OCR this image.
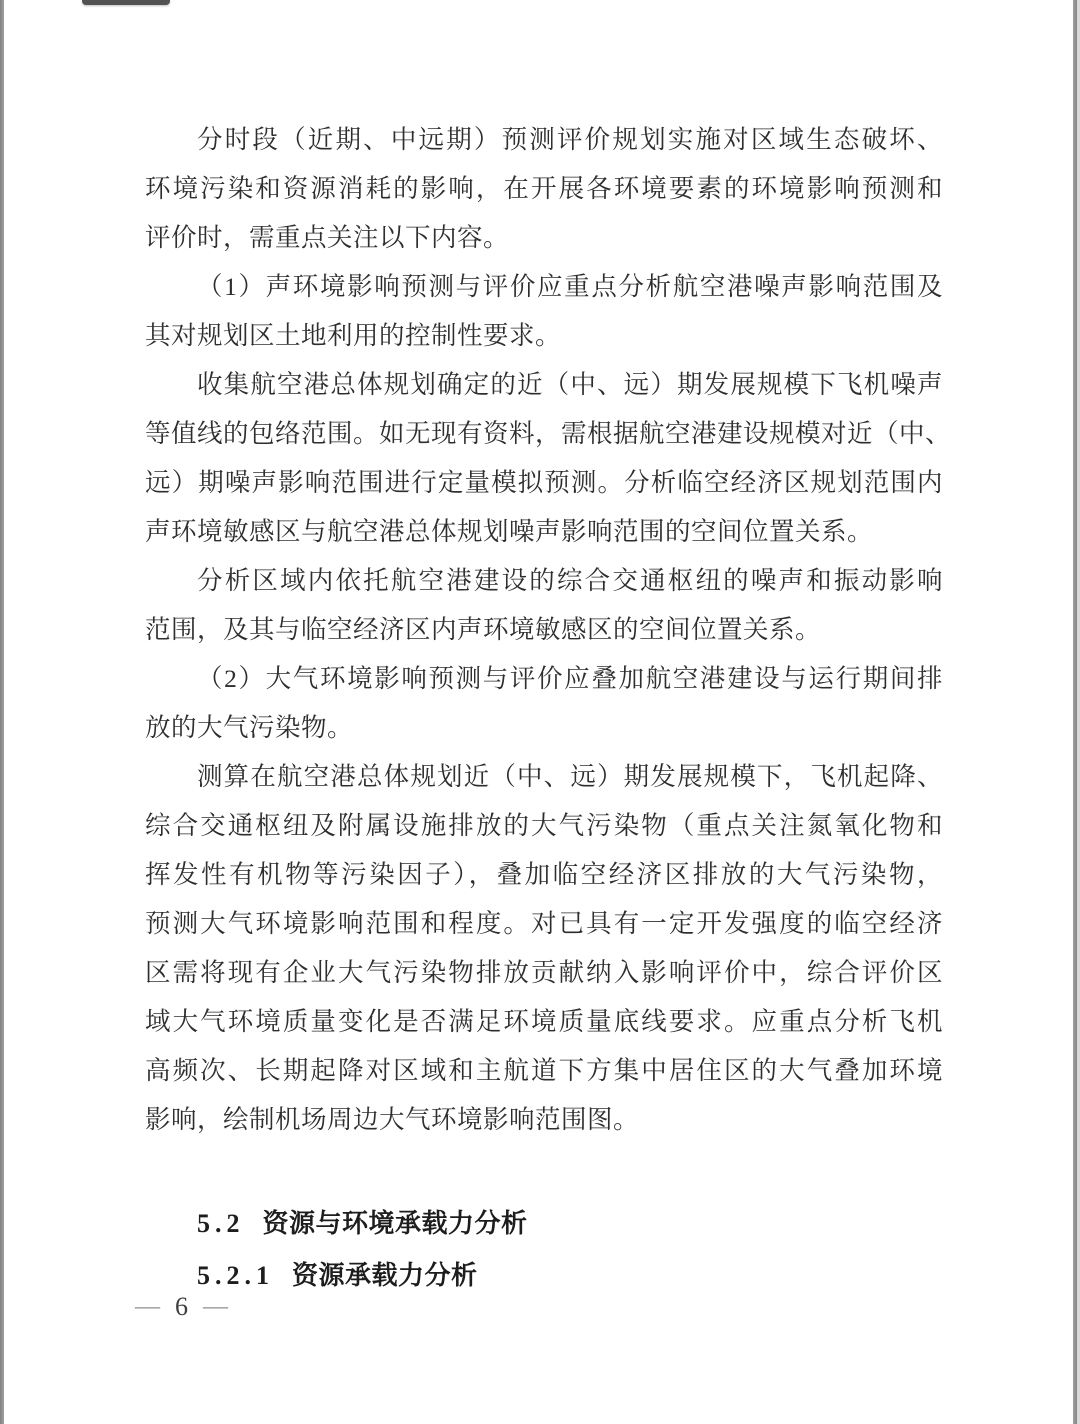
分时段（近期、中远期）预测评价规划实施对区域生态破坏、
环境污染和资源消耗的影响，在开展各环境要素的环境影响预测和
评价时，需重点关注以下内容。
（1）声环境影响预测与评价应重点分析航空港噪声影响范围及
其对规划区土地利用的控制性要求。
收集航空港总体规划确定的近（中、远）期发展规模下飞机噪声
等值线的包络范围。如无现有资料，需根据航空港建设规模对近（中、
远）期噪声影响范围进行定量模拟预测。分析临空经济区规划范围内
声环境敏感区与航空港总体规划噪声影响范围的空间位置关系。
分析区域内依托航空港建设的综合交通枢纽的噪声和振动影响
范围，及其与临空经济区内声环境敏感区的空间位置关系。
（2）大气环境影响预测与评价应叠加航空港建设与运行期间排
放的大气污染物。
测算在航空港总体规划近（中、远）期发展规模下，飞机起降、
综合交通枢纽及附属设施排放的大气污染物（重点关注氮氧化物和
挥发性有机物等污染因子），叠加临空经济区排放的大气污染物，
预测大气环境影响范围和程度。对已具有一定开发强度的临空经济
区需将现有企业大气污染物排放贡献纳入影响评价中，综合评价区
域大气环境质量变化是否满足环境质量底线要求。应重点分析飞机
高频次、长期起降对区域和主航道下方集中居住区的大气叠加环境
影响，绘制机场周边大气环境影响范围图。
5.2 资源与环境承载力分析
5.2.1 资源承载力分析
— 6 —
